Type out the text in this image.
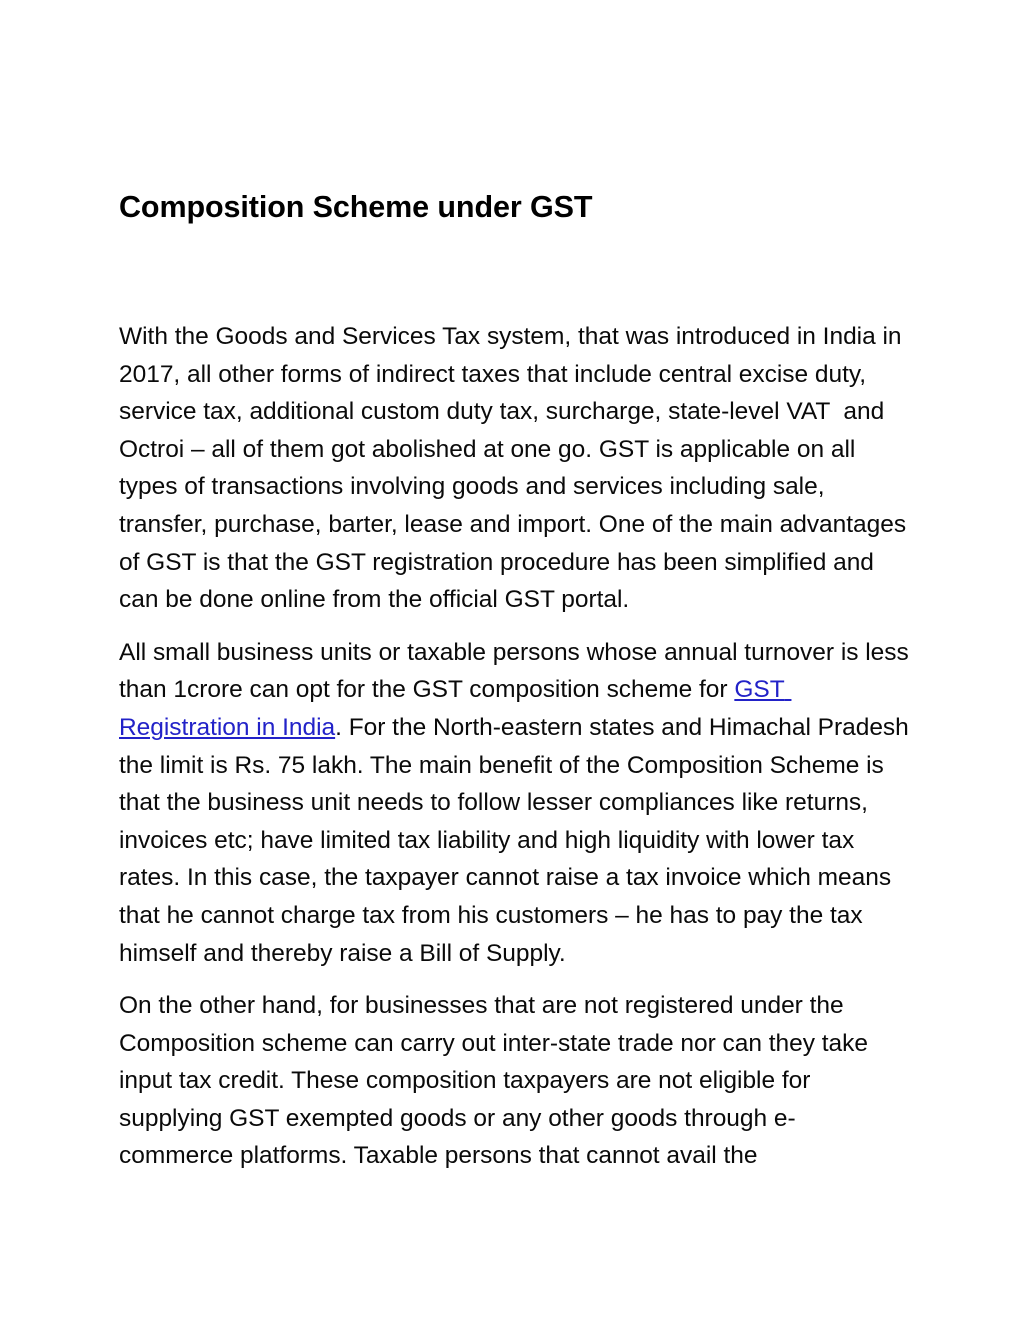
Composition Scheme under GST

With the Goods and Services Tax system, that was introduced in India in 2017, all other forms of indirect taxes that include central excise duty, service tax, additional custom duty tax, surcharge, state-level VAT  and Octroi – all of them got abolished at one go. GST is applicable on all types of transactions involving goods and services including sale, transfer, purchase, barter, lease and import. One of the main advantages of GST is that the GST registration procedure has been simplified and can be done online from the official GST portal.

All small business units or taxable persons whose annual turnover is less than 1crore can opt for the GST composition scheme for GST Registration in India. For the North-eastern states and Himachal Pradesh the limit is Rs. 75 lakh. The main benefit of the Composition Scheme is that the business unit needs to follow lesser compliances like returns, invoices etc; have limited tax liability and high liquidity with lower tax rates. In this case, the taxpayer cannot raise a tax invoice which means that he cannot charge tax from his customers – he has to pay the tax himself and thereby raise a Bill of Supply.

On the other hand, for businesses that are not registered under the Composition scheme can carry out inter-state trade nor can they take input tax credit. These composition taxpayers are not eligible for supplying GST exempted goods or any other goods through e-commerce platforms. Taxable persons that cannot avail the
